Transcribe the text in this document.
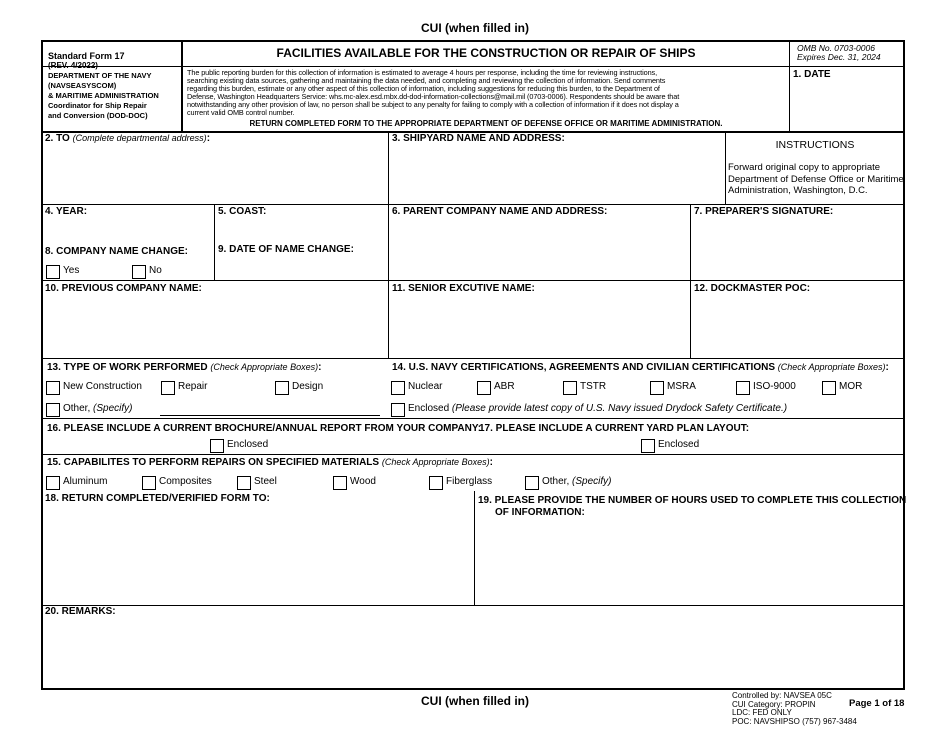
CUI (when filled in)
Standard Form 17
(REV. 4/2022)
DEPARTMENT OF THE NAVY
(NAVSEASYSCOM)
& MARITIME ADMINISTRATION
Coordinator for Ship Repair
and Conversion (DOD-DOC)
FACILITIES AVAILABLE FOR THE CONSTRUCTION OR REPAIR OF SHIPS	OMB No. 0703-0006
Expires Dec. 31, 2024
The public reporting burden for this collection of information is estimated to average 4 hours per response, including the time for reviewing instructions,
searching existing data sources, gathering and maintaining the data needed, and completing and reviewing the collection of information. Send comments
regarding this burden, estimate or any other aspect of this collection of information, including suggestions for reducing this burden, to the Department of
Defense, Washington Headquarters Service: whs.mc-alex.esd.mbx.dd-dod-information-collections@mail.mil (0703-0006). Respondents should be aware that
notwithstanding any other provision of law, no person shall be subject to any penalty for failing to comply with a collection of information if it does not display a
current valid OMB control number.
RETURN COMPLETED FORM TO THE APPROPRIATE DEPARTMENT OF DEFENSE OFFICE OR MARITIME ADMINISTRATION.
1. DATE
2. TO (Complete departmental address):	3. SHIPYARD NAME AND ADDRESS:
INSTRUCTIONS
Forward original copy to appropriate
Department of Defense Office or Maritime
Administration, Washington, D.C.
4. YEAR:	5. COAST:	6. PARENT COMPANY NAME AND ADDRESS:	7. PREPARER'S SIGNATURE:
8. COMPANY NAME CHANGE:	9. DATE OF NAME CHANGE:
Yes	No
10. PREVIOUS COMPANY NAME:	11. SENIOR EXCUTIVE NAME:	12. DOCKMASTER POC:
13. TYPE OF WORK PERFORMED (Check Appropriate Boxes):	14. U.S. NAVY CERTIFICATIONS, AGREEMENTS AND CIVILIAN CERTIFICATIONS (Check Appropriate Boxes):
New Construction	Repair	Design	Nuclear	ABR	TSTR	MSRA	ISO-9000	MOR
Other, (Specify)	Enclosed (Please provide latest copy of U.S. Navy issued Drydock Safety Certificate.)
16. PLEASE INCLUDE A CURRENT BROCHURE/ANNUAL REPORT FROM YOUR COMPANY:
17. PLEASE INCLUDE A CURRENT YARD PLAN LAYOUT:
Enclosed	Enclosed
15. CAPABILITES TO PERFORM REPAIRS ON SPECIFIED MATERIALS (Check Appropriate Boxes):
Aluminum	Composites	Steel	Wood	Fiberglass	Other, (Specify)
18. RETURN COMPLETED/VERIFIED FORM TO:	19. PLEASE PROVIDE THE NUMBER OF HOURS USED TO COMPLETE THIS COLLECTION
OF INFORMATION:
20. REMARKS:
CUI (when filled in)	Controlled by: NAVSEA 05C
CUI Category: PROPIN
LDC: FED ONLY
POC: NAVSHIPSO (757) 967-3484
Page 1 of 18
